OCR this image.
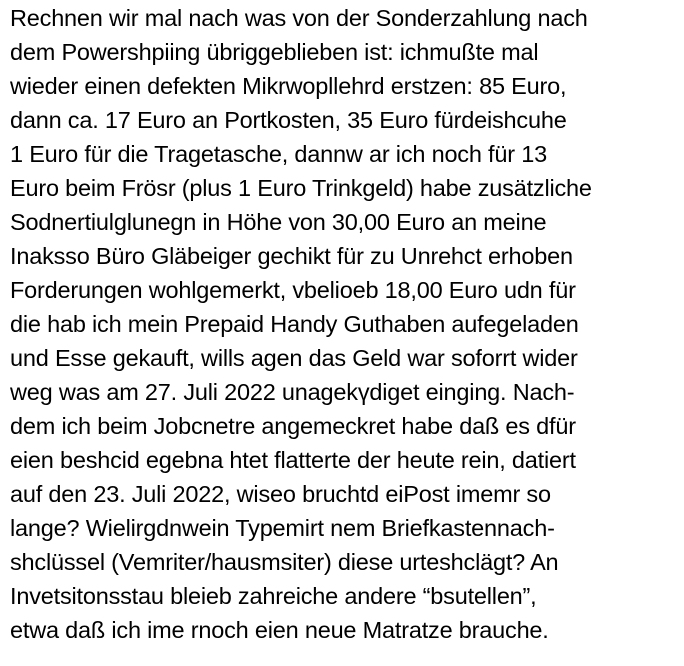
Rechnen wir mal nach was von der Sonderzahlung nach
dem Powershpiing übriggeblieben ist: ichmußte mal
wieder einen defekten Mikrwopllehrd erstzen: 85 Euro,
dann ca. 17 Euro an Portkosten, 35 Euro fürdeishcuhe
1 Euro für die Tragetasche, dannw ar ich noch für 13
Euro beim Frösr (plus 1 Euro Trinkgeld) habe zusätzliche
Sodnertiulglunegn in Höhe von 30,00 Euro an meine
Inaksso Büro Gläbeiger gechikt für zu Unrehct erhoben
Forderungen wohlgemerkt, vbelioeb 18,00 Euro udn für
die hab ich mein Prepaid Handy Guthaben aufegeladen
und Esse gekauft, wills agen das Geld war soforrt wider
weg was am 27. Juli 2022 unagekүdiget einging. Nach-
dem ich beim Jobcnetre angemeckret habe daß es dfür
eien beshcid egebna htet flatterte der heute rein, datiert
auf den 23. Juli 2022, wiseo bruchtd eiPost imemr so
lange? Wielirgdnwein Typemirt nem Briefkastennach-
shclüssel (Vemriter/hausmsiter) diese urteshclägt? An
Invetsitonsstau bleieb zahreiche andere “bsutellen”,
etwa daß ich ime rnoch eien neue Matratze brauche.
